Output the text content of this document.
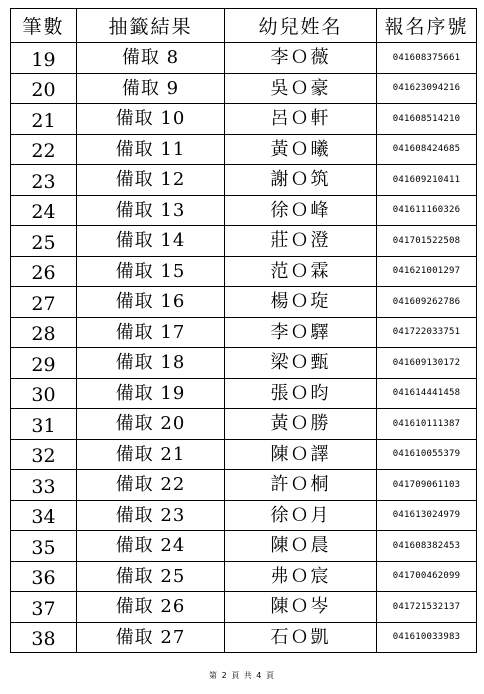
筆數	抽籤結果	幼兒姓名	報名序號
19	備取 8	李Ｏ薇	041608375661
20	備取 9	吳Ｏ豪	041623094216
21	備取 10	呂Ｏ軒	041608514210
22	備取 11	黃Ｏ曦	041608424685
23	備取 12	謝Ｏ筑	041609210411
24	備取 13	徐Ｏ峰	041611160326
25	備取 14	莊Ｏ澄	041701522508
26	備取 15	范Ｏ霖	041621001297
27	備取 16	楊Ｏ琁	041609262786
28	備取 17	李Ｏ驛	041722033751
29	備取 18	梁Ｏ甄	041609130172
30	備取 19	張Ｏ昀	041614441458
31	備取 20	黃Ｏ勝	041610111387
32	備取 21	陳Ｏ譯	041610055379
33	備取 22	許Ｏ桐	041709061103
34	備取 23	徐Ｏ月	041613024979
35	備取 24	陳Ｏ晨	041608382453
36	備取 25	弗Ｏ宸	041700462099
37	備取 26	陳Ｏ岑	041721532137
38	備取 27	石Ｏ凱	041610033983
第 2 頁 共 4 頁
